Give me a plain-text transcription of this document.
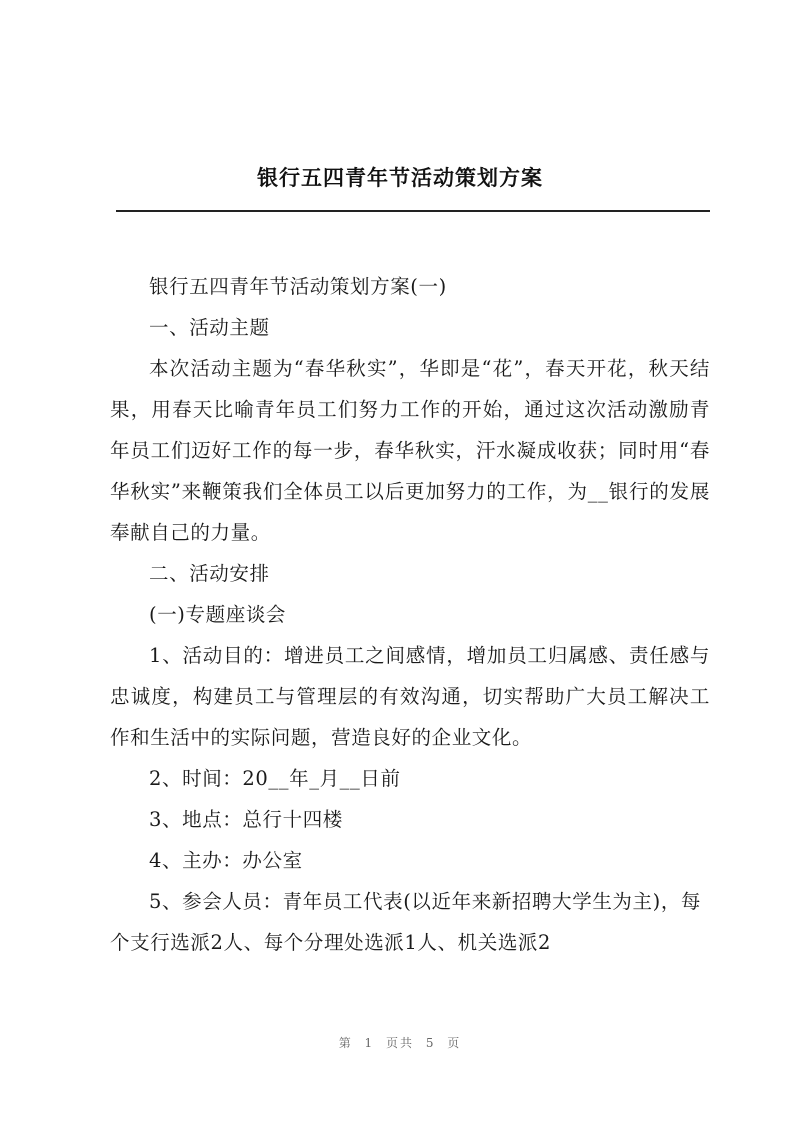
银行五四青年节活动策划方案

银行五四青年节活动策划方案(一)

一、活动主题

本次活动主题为“春华秋实”，华即是“花”，春天开花，秋天结果，用春天比喻青年员工们努力工作的开始，通过这次活动激励青年员工们迈好工作的每一步，春华秋实，汗水凝成收获；同时用“春华秋实”来鞭策我们全体员工以后更加努力的工作，为__银行的发展奉献自己的力量。

二、活动安排

(一)专题座谈会

1、活动目的：增进员工之间感情，增加员工归属感、责任感与忠诚度，构建员工与管理层的有效沟通，切实帮助广大员工解决工作和生活中的实际问题，营造良好的企业文化。

2、时间：20__年_月__日前

3、地点：总行十四楼

4、主办：办公室

5、参会人员：青年员工代表(以近年来新招聘大学生为主)，每个支行选派2人、每个分理处选派1人、机关选派2

第 1 页共 5 页
